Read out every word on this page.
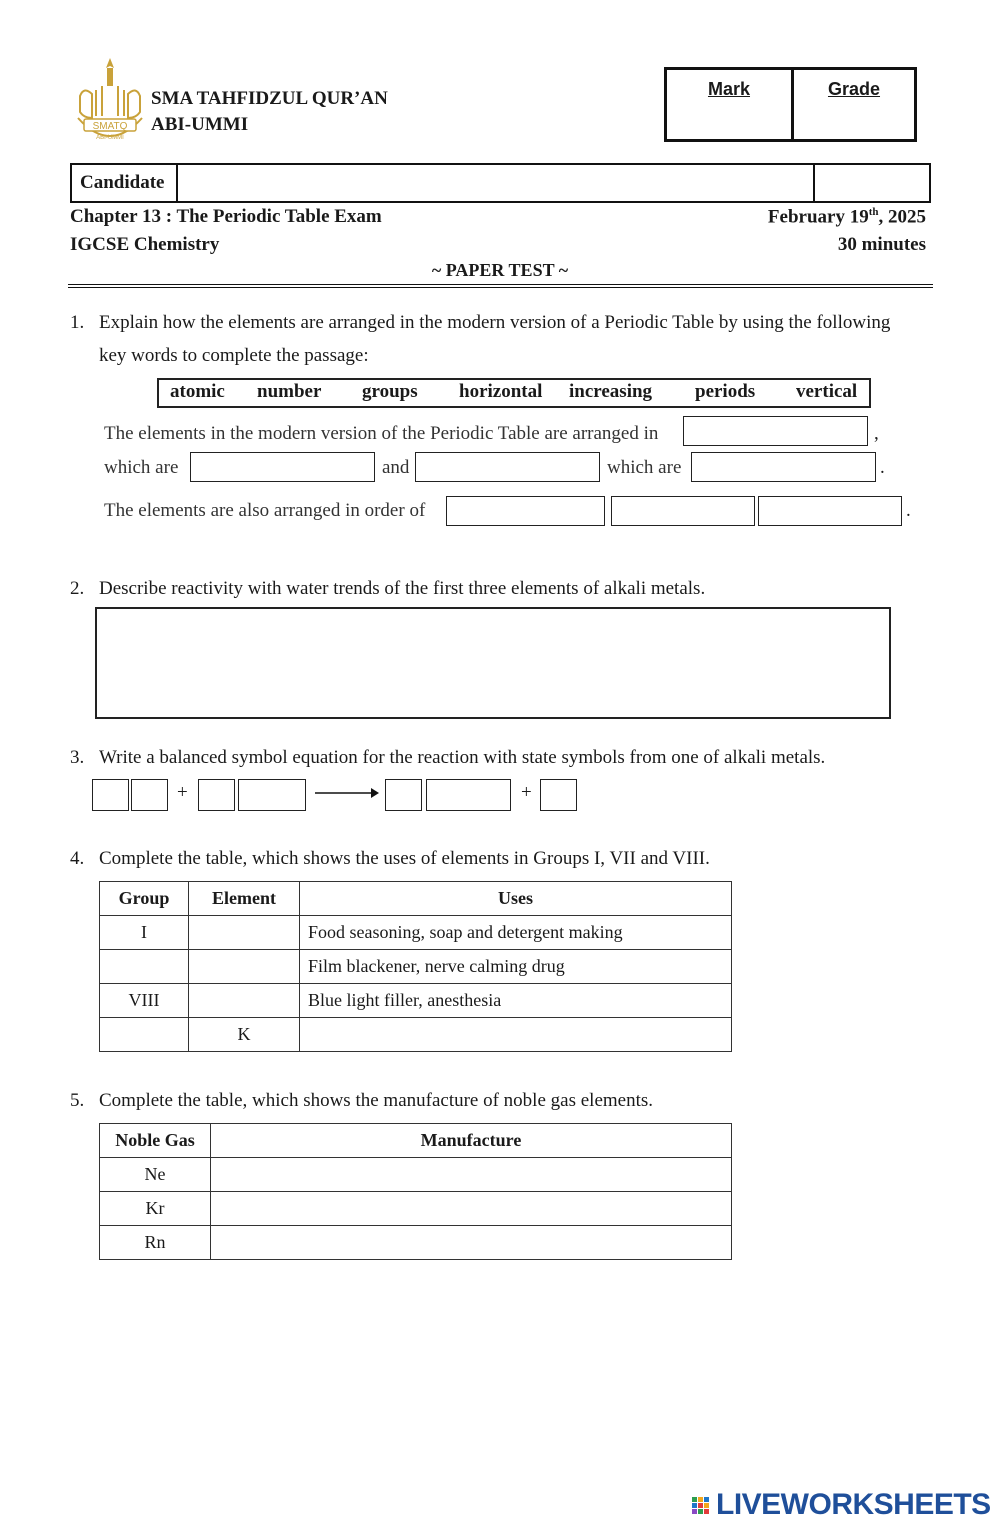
SMATQ
ABI-UMMI
SMA TAHFIDZUL QUR’AN
ABI-UMMI
Mark	Grade
Candidate
Chapter 13 : The Periodic Table Exam	February 19th, 2025
IGCSE Chemistry	30 minutes
~ PAPER TEST ~
1. Explain how the elements are arranged in the modern version of a Periodic Table by using the following
key words to complete the passage:
atomic number groups horizontal increasing periods vertical
The elements in the modern version of the Periodic Table are arranged in	,
which are	and	which are	.
The elements are also arranged in order of	.
2. Describe reactivity with water trends of the first three elements of alkali metals.
3. Write a balanced symbol equation for the reaction with state symbols from one of alkali metals.
+	+
4. Complete the table, which shows the uses of elements in Groups I, VII and VIII.
Group	Element	Uses
I		Food seasoning, soap and detergent making
		Film blackener, nerve calming drug
VIII		Blue light filler, anesthesia
	K	
5. Complete the table, which shows the manufacture of noble gas elements.
Noble Gas	Manufacture
Ne	
Kr	
Rn	
LIVEWORKSHEETS
